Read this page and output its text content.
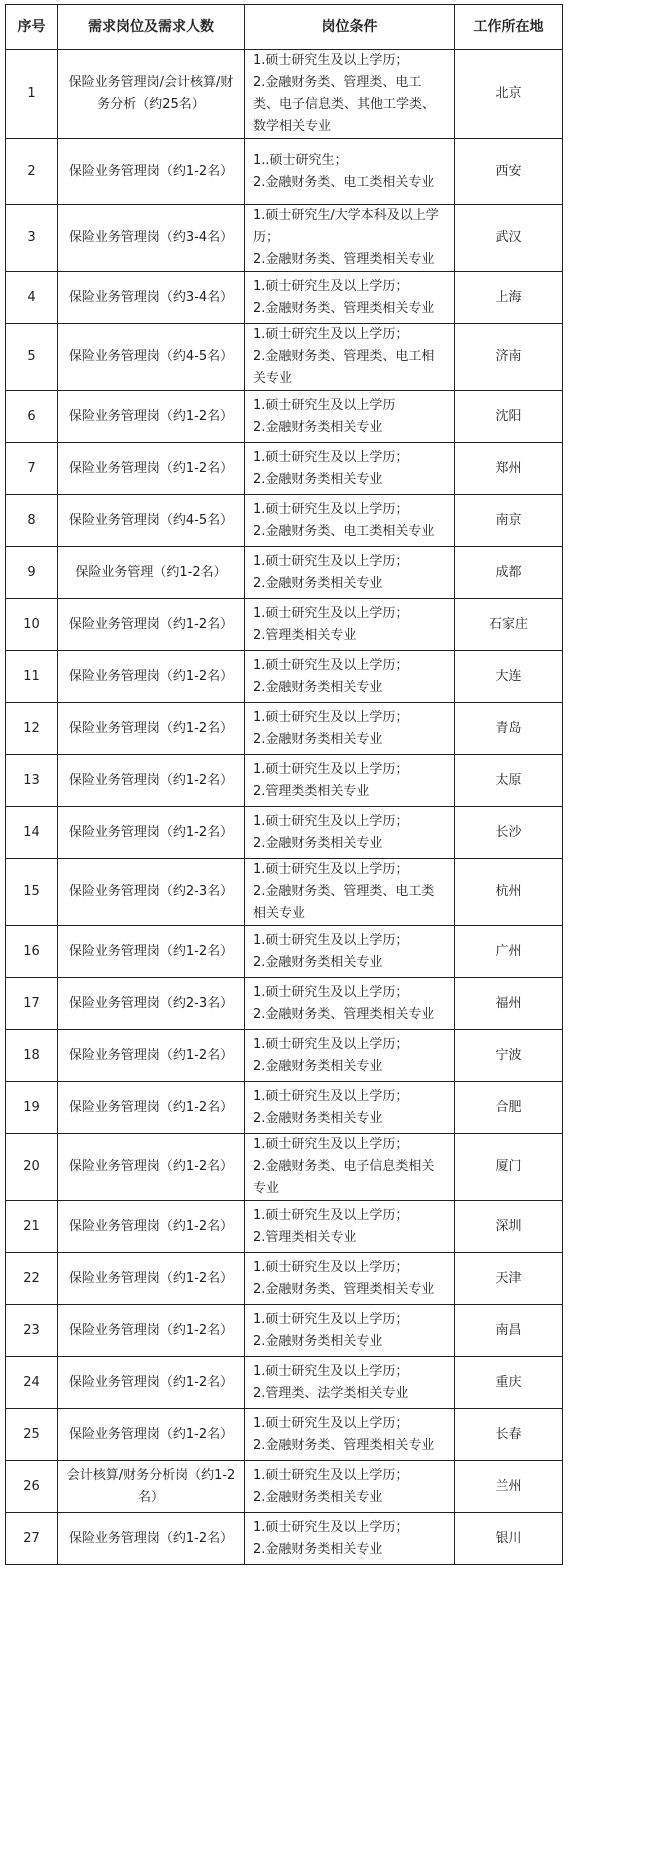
序号	需求岗位及需求人数	岗位条件	工作所在地
1	保险业务管理岗/会计核算/财务分析（约25名）	1.硕士研究生及以上学历；
2.金融财务类、管理类、电工类、电子信息类、其他工学类、数学相关专业	北京
2	保险业务管理岗（约1-2名）	1..硕士研究生；
2.金融财务类、电工类相关专业	西安
3	保险业务管理岗（约3-4名）	1.硕士研究生/大学本科及以上学历；
2.金融财务类、管理类相关专业	武汉
4	保险业务管理岗（约3-4名）	1.硕士研究生及以上学历；
2.金融财务类、管理类相关专业	上海
5	保险业务管理岗（约4-5名）	1.硕士研究生及以上学历；
2.金融财务类、管理类、电工相关专业	济南
6	保险业务管理岗（约1-2名）	1.硕士研究生及以上学历
2.金融财务类相关专业	沈阳
7	保险业务管理岗（约1-2名）	1.硕士研究生及以上学历；
2.金融财务类相关专业	郑州
8	保险业务管理岗（约4-5名）	1.硕士研究生及以上学历；
2.金融财务类、电工类相关专业	南京
9	保险业务管理（约1-2名）	1.硕士研究生及以上学历；
2.金融财务类相关专业	成都
10	保险业务管理岗（约1-2名）	1.硕士研究生及以上学历；
2.管理类相关专业	石家庄
11	保险业务管理岗（约1-2名）	1.硕士研究生及以上学历；
2.金融财务类相关专业	大连
12	保险业务管理岗（约1-2名）	1.硕士研究生及以上学历；
2.金融财务类相关专业	青岛
13	保险业务管理岗（约1-2名）	1.硕士研究生及以上学历；
2.管理类类相关专业	太原
14	保险业务管理岗（约1-2名）	1.硕士研究生及以上学历；
2.金融财务类相关专业	长沙
15	保险业务管理岗（约2-3名）	1.硕士研究生及以上学历；
2.金融财务类、管理类、电工类相关专业	杭州
16	保险业务管理岗（约1-2名）	1.硕士研究生及以上学历；
2.金融财务类相关专业	广州
17	保险业务管理岗（约2-3名）	1.硕士研究生及以上学历；
2.金融财务类、管理类相关专业	福州
18	保险业务管理岗（约1-2名）	1.硕士研究生及以上学历；
2.金融财务类相关专业	宁波
19	保险业务管理岗（约1-2名）	1.硕士研究生及以上学历；
2.金融财务类相关专业	合肥
20	保险业务管理岗（约1-2名）	1.硕士研究生及以上学历；
2.金融财务类、电子信息类相关专业	厦门
21	保险业务管理岗（约1-2名）	1.硕士研究生及以上学历；
2.管理类相关专业	深圳
22	保险业务管理岗（约1-2名）	1.硕士研究生及以上学历；
2.金融财务类、管理类相关专业	天津
23	保险业务管理岗（约1-2名）	1.硕士研究生及以上学历；
2.金融财务类相关专业	南昌
24	保险业务管理岗（约1-2名）	1.硕士研究生及以上学历；
2.管理类、法学类相关专业	重庆
25	保险业务管理岗（约1-2名）	1.硕士研究生及以上学历；
2.金融财务类、管理类相关专业	长春
26	会计核算/财务分析岗（约1-2名）	1.硕士研究生及以上学历；
2.金融财务类相关专业	兰州
27	保险业务管理岗（约1-2名）	1.硕士研究生及以上学历；
2.金融财务类相关专业	银川
